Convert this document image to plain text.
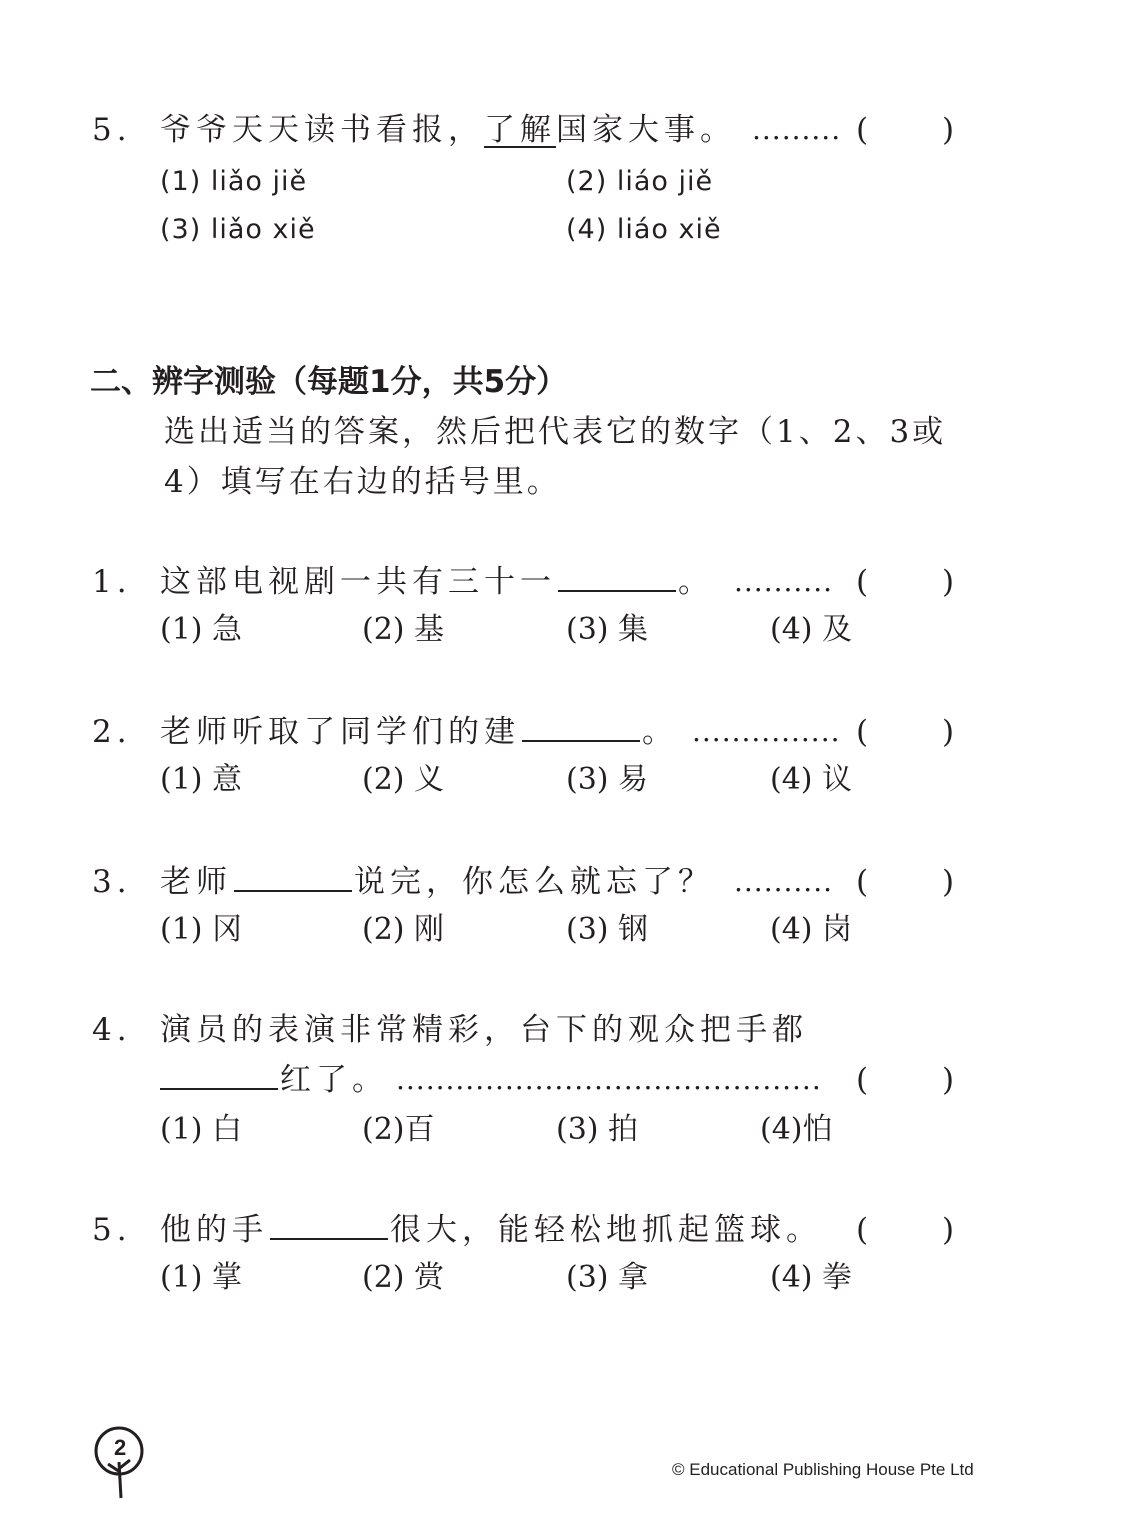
5. 爷爷天天读书看报，了解国家大事。 ......... ( )
(1) liǎo jiě	(2) liáo jiě
(3) liǎo xiě	(4) liáo xiě
二、辨字测验（每题1分，共5分）
选出适当的答案，然后把代表它的数字（1、2、3或
4）填写在右边的括号里。
1. 这部电视剧一共有三十一	。 .......... ( )
(1) 急	(2) 基	(3) 集	(4) 及
2. 老师听取了同学们的建	。 ............... ( )
(1) 意	(2) 义	(3) 易	(4) 议
3. 老师	说完，你怎么就忘了？ .......... ( )
(1) 冈	(2) 刚	(3) 钢	(4) 岗
4. 演员的表演非常精彩，台下的观众把手都
红了。 ........................................... ( )
(1) 白	(2)百	(3) 拍	(4)怕
5. 他的手	很大，能轻松地抓起篮球。 ( )
(1) 掌	(2) 赏	(3) 拿	(4) 拳
2
© Educational Publishing House Pte Ltd
